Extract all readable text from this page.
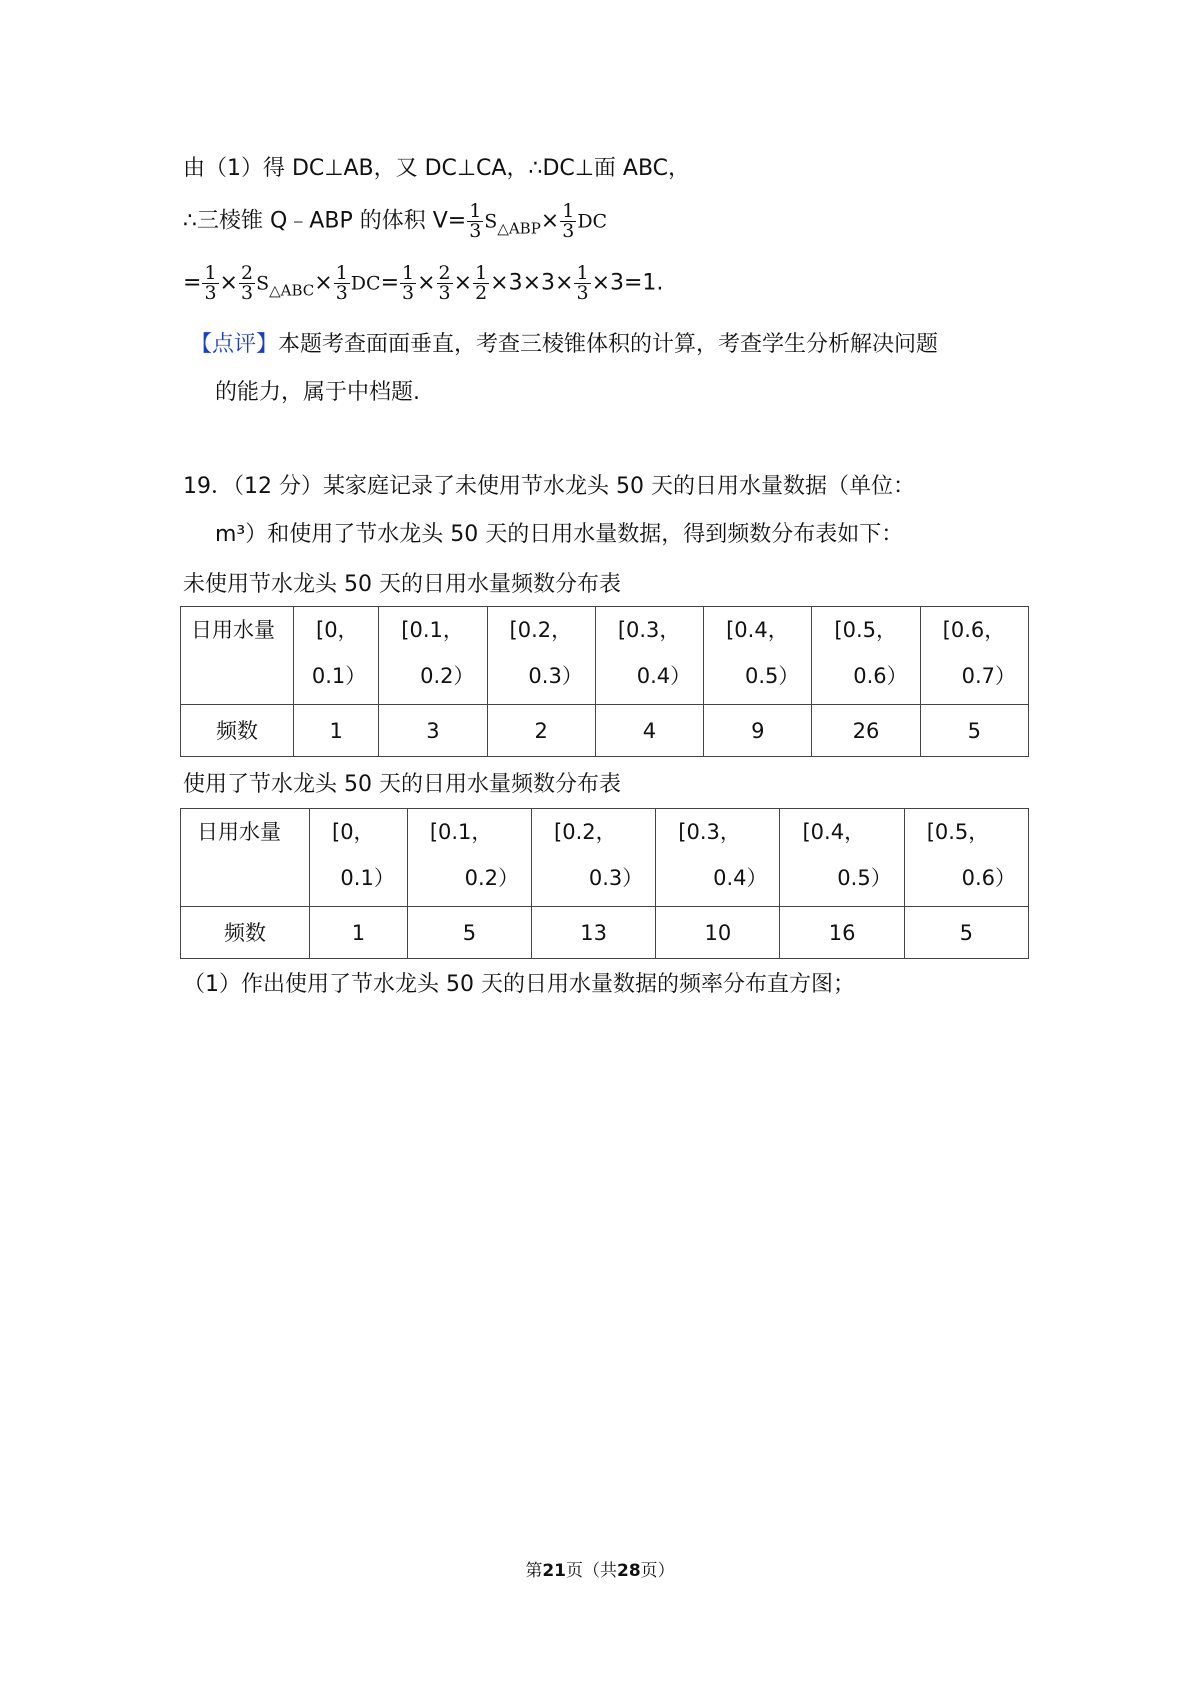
由（1）得 DC⊥AB，又 DC⊥CA，∴DC⊥面 ABC，
∴三棱锥 Q﹣ABP 的体积 $V= \frac{1}{3} S_{\triangle ABP}\times \frac{1}{3}$ DC
= $\frac{1}{3} \times \frac{2}{3} S_{\triangle ABC}\times \frac{1}{3} DC= \frac{1}{3} \times \frac{2}{3} \times \frac{1}{2} \times 3\times 3\times \frac{1}{3} \times 3=1$.
【点评】本题考查面面垂直，考查三棱锥体积的计算，考查学生分析解决问题
的能力，属于中档题.
19．（12 分）某家庭记录了未使用节水龙头 50 天的日用水量数据（单位：
m³）和使用了节水龙头 50 天的日用水量数据，得到频数分布表如下：
未使用节水龙头 50 天的日用水量频数分布表
日用水量	[0，
0.1）	[0.1，
0.2）	[0.2，
0.3）	[0.3，
0.4）	[0.4，
0.5）	[0.5，
0.6）	[0.6，
0.7）

频数	1	3	2	4	9	26	5
使用了节水龙头 50 天的日用水量频数分布表
日用水量	[0，
0.1）	[0.1，
0.2）	[0.2，
0.3）	[0.3，
0.4）	[0.4，
0.5）	[0.5，
0.6）

频数	1	5	13	10	16	5
（1）作出使用了节水龙头 50 天的日用水量数据的频率分布直方图；
第21页（共28页）
